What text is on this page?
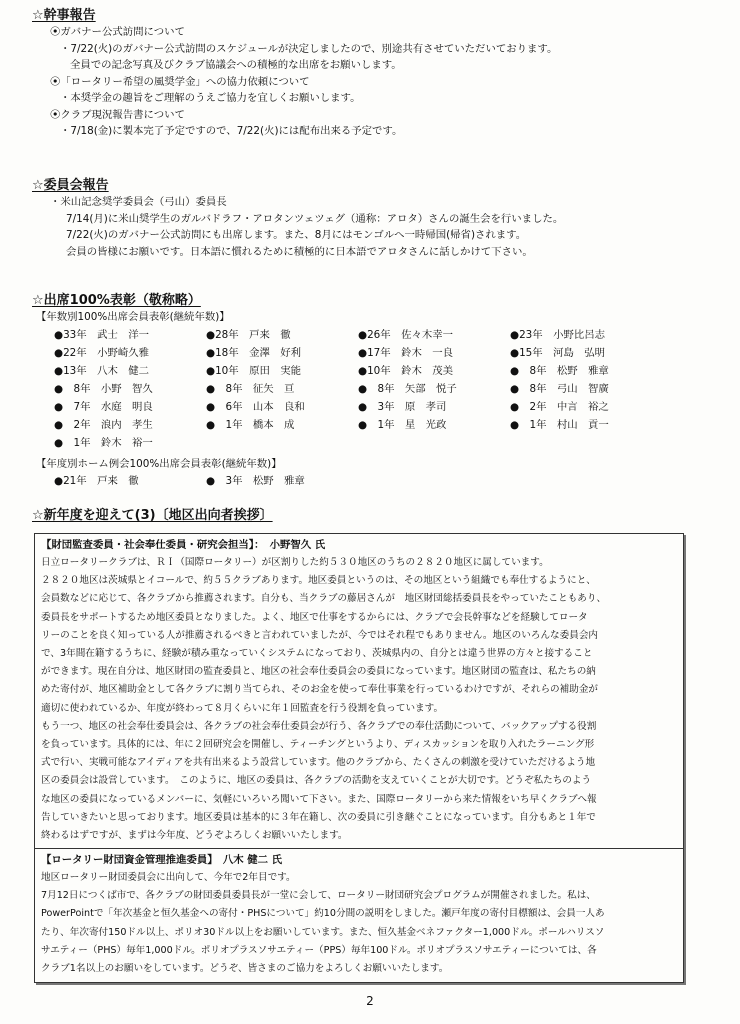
☆幹事報告
⦿ガバナー公式訪問について
・7/22(火)のガバナー公式訪問のスケジュールが決定しましたので、別途共有させていただいております。
全員での記念写真及びクラブ協議会への積極的な出席をお願いします。
⦿「ロータリー希望の風奨学金」への協力依頼について
・本奨学金の趣旨をご理解のうえご協力を宜しくお願いします。
⦿クラブ現況報告書について
・7/18(金)に製本完了予定ですので、7/22(火)には配布出来る予定です。
☆委員会報告
・米山記念奨学委員会（弓山）委員長
7/14(月)に米山奨学生のガルバドラフ・アロタンツェツェグ（通称：アロタ）さんの誕生会を行いました。
7/22(火)のガバナー公式訪問にも出席します。また、8月にはモンゴルへ一時帰国(帰省)されます。
会員の皆様にお願いです。日本語に慣れるために積極的に日本語でアロタさんに話しかけて下さい。
☆出席100%表彰（敬称略）
【年数別100%出席会員表彰(継続年数)】
●33年　武士　洋一	●28年　戸来　徹	●26年　佐々木幸一	●23年　小野比呂志
●22年　小野崎久雅	●18年　金澤　好利	●17年　鈴木　一良	●15年　河島　弘明
●13年　八木　健二	●10年　原田　実能	●10年　鈴木　茂美	●　8年　松野　雅章
●　8年　小野　智久	●　8年　征矢　亘	●　8年　矢部　悦子	●　8年　弓山　智廣
●　7年　水庭　明良	●　6年　山本　良和	●　3年　原　孝司	●　2年　中言　裕之
●　2年　浪内　孝生	●　1年　橋本　成	●　1年　星　光政	●　1年　村山　貢一
●　1年　鈴木　裕一
【年度別ホーム例会100%出席会員表彰(継続年数)】
●21年　戸来　徹	●　3年　松野　雅章
☆新年度を迎えて(3)〔地区出向者挨拶〕
【財団監査委員・社会奉仕委員・研究会担当】：　小野智久 氏
日立ロータリークラブは、ＲＩ（国際ロータリー）が区割りした約５３０地区のうちの２８２０地区に属しています。
２８２０地区は茨城県とイコールで、約５５クラブあります。地区委員というのは、その地区という組織でも奉仕するようにと、
会員数などに応じて、各クラブから推薦されます。自分も、当クラブの藤居さんが　地区財団総括委員長をやっていたこともあり、
委員長をサポートするため地区委員となりました。よく、地区で仕事をするからには、クラブで会長幹事などを経験してロータ
リーのことを良く知っている人が推薦されるべきと言われていましたが、今ではそれ程でもありません。地区のいろんな委員会内
で、3年間在籍するうちに、経験が積み重なっていくシステムになっており、茨城県内の、自分とは違う世界の方々と接すること
ができます。現在自分は、地区財団の監査委員と、地区の社会奉仕委員会の委員になっています。地区財団の監査は、私たちの納
めた寄付が、地区補助金として各クラブに割り当てられ、そのお金を使って奉仕事業を行っているわけですが、それらの補助金が
適切に使われているか、年度が終わって８月くらいに年１回監査を行う役割を負っています。
もう一つ、地区の社会奉仕委員会は、各クラブの社会奉仕委員会が行う、各クラブでの奉仕活動について、バックアップする役割
を負っています。具体的には、年に２回研究会を開催し、ティーチングというより、ディスカッションを取り入れたラーニング形
式で行い、実戦可能なアイディアを共有出来るよう設営しています。他のクラブから、たくさんの刺激を受けていただけるよう地
区の委員会は設営しています。　このように、地区の委員は、各クラブの活動を支えていくことが大切です。どうぞ私たちのよう
な地区の委員になっているメンバーに、気軽にいろいろ聞いて下さい。また、国際ロータリーから来た情報をいち早くクラブへ報
告していきたいと思っております。地区委員は基本的に３年在籍し、次の委員に引き継ぐことになっています。自分もあと１年で
終わるはずですが、まずは今年度、どうぞよろしくお願いいたします。
【ロータリー財団資金管理推進委員】　八木 健二 氏
地区ロータリー財団委員会に出向して、今年で2年目です。
7月12日につくば市で、各クラブの財団委員委員長が一堂に会して、ロータリー財団研究会プログラムが開催されました。私は、
PowerPointで「年次基金と恒久基金への寄付・PHSについて」約10分間の説明をしました。瀬戸年度の寄付目標額は、会員一人あ
たり、年次寄付150ドル以上、ポリオ30ドル以上をお願いしています。また、恒久基金ベネファクター1,000ドル。ポールハリスソ
サエティー（PHS）毎年1,000ドル。ポリオプラスソサエティー（PPS）毎年100ドル。ポリオプラスソサエティーについては、各
クラブ1名以上のお願いをしています。どうぞ、皆さまのご協力をよろしくお願いいたします。
2
